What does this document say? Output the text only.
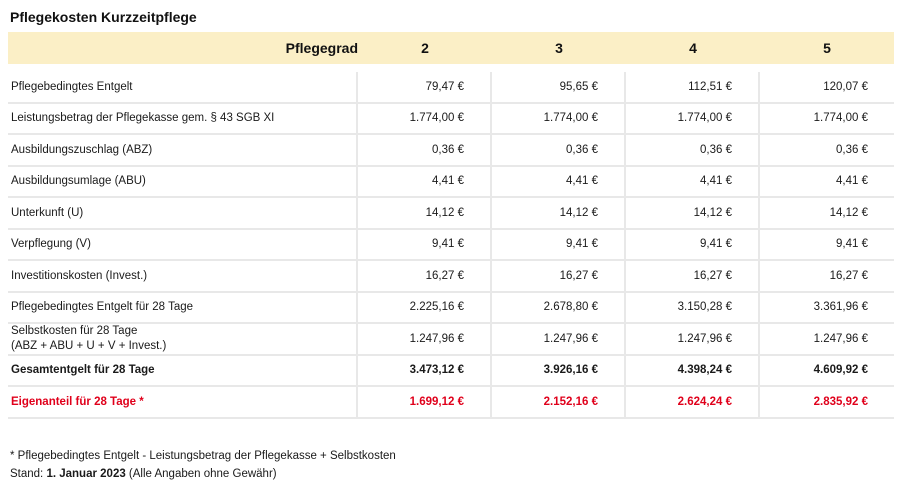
Pflegekosten Kurzzeitpflege
Pflegegrad	2	3	4	5
Pflegebedingtes Entgelt	79,47 €	95,65 €	112,51 €	120,07 €
Leistungsbetrag der Pflegekasse gem. § 43 SGB XI	1.774,00 €	1.774,00 €	1.774,00 €	1.774,00 €
Ausbildungszuschlag (ABZ)	0,36 €	0,36 €	0,36 €	0,36 €
Ausbildungsumlage (ABU)	4,41 €	4,41 €	4,41 €	4,41 €
Unterkunft (U)	14,12 €	14,12 €	14,12 €	14,12 €
Verpflegung (V)	9,41 €	9,41 €	9,41 €	9,41 €
Investitionskosten (Invest.)	16,27 €	16,27 €	16,27 €	16,27 €
Pflegebedingtes Entgelt für 28 Tage	2.225,16 €	2.678,80 €	3.150,28 €	3.361,96 €
Selbstkosten für 28 Tage
(ABZ + ABU + U + V + Invest.)
1.247,96 €	1.247,96 €	1.247,96 €	1.247,96 €
Gesamtentgelt für 28 Tage	3.473,12 €	3.926,16 €	4.398,24 €	4.609,92 €
Eigenanteil für 28 Tage *	1.699,12 €	2.152,16 €	2.624,24 €	2.835,92 €
* Pflegebedingtes Entgelt - Leistungsbetrag der Pflegekasse + Selbstkosten
Stand: 1. Januar 2023 (Alle Angaben ohne Gewähr)
